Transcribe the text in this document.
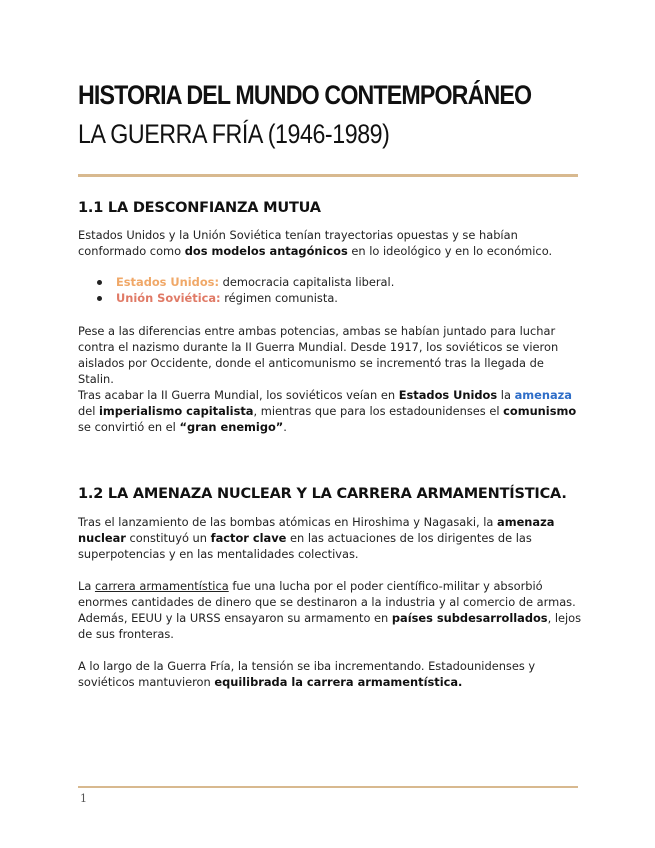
HISTORIA DEL MUNDO CONTEMPORÁNEO
LA GUERRA FRÍA (1946-1989)
1.1 LA DESCONFIANZA MUTUA

Estados Unidos y la Unión Soviética tenían trayectorias opuestas y se habían conformado como dos modelos antagónicos en lo ideológico y en lo económico.

Estados Unidos: democracia capitalista liberal.
Unión Soviética: régimen comunista.

Pese a las diferencias entre ambas potencias, ambas se habían juntado para luchar contra el nazismo durante la II Guerra Mundial. Desde 1917, los soviéticos se vieron aislados por Occidente, donde el anticomunismo se incrementó tras la llegada de Stalin.

Tras acabar la II Guerra Mundial, los soviéticos veían en Estados Unidos la amenaza del imperialismo capitalista, mientras que para los estadounidenses el comunismo se convirtió en el “gran enemigo”.

1.2 LA AMENAZA NUCLEAR Y LA CARRERA ARMAMENTÍSTICA.

Tras el lanzamiento de las bombas atómicas en Hiroshima y Nagasaki, la amenaza nuclear constituyó un factor clave en las actuaciones de los dirigentes de las superpotencias y en las mentalidades colectivas.

La carrera armamentística fue una lucha por el poder científico-militar y absorbió enormes cantidades de dinero que se destinaron a la industria y al comercio de armas. Además, EEUU y la URSS ensayaron su armamento en países subdesarrollados, lejos de sus fronteras.

A lo largo de la Guerra Fría, la tensión se iba incrementando. Estadounidenses y soviéticos mantuvieron equilibrada la carrera armamentística.

1
